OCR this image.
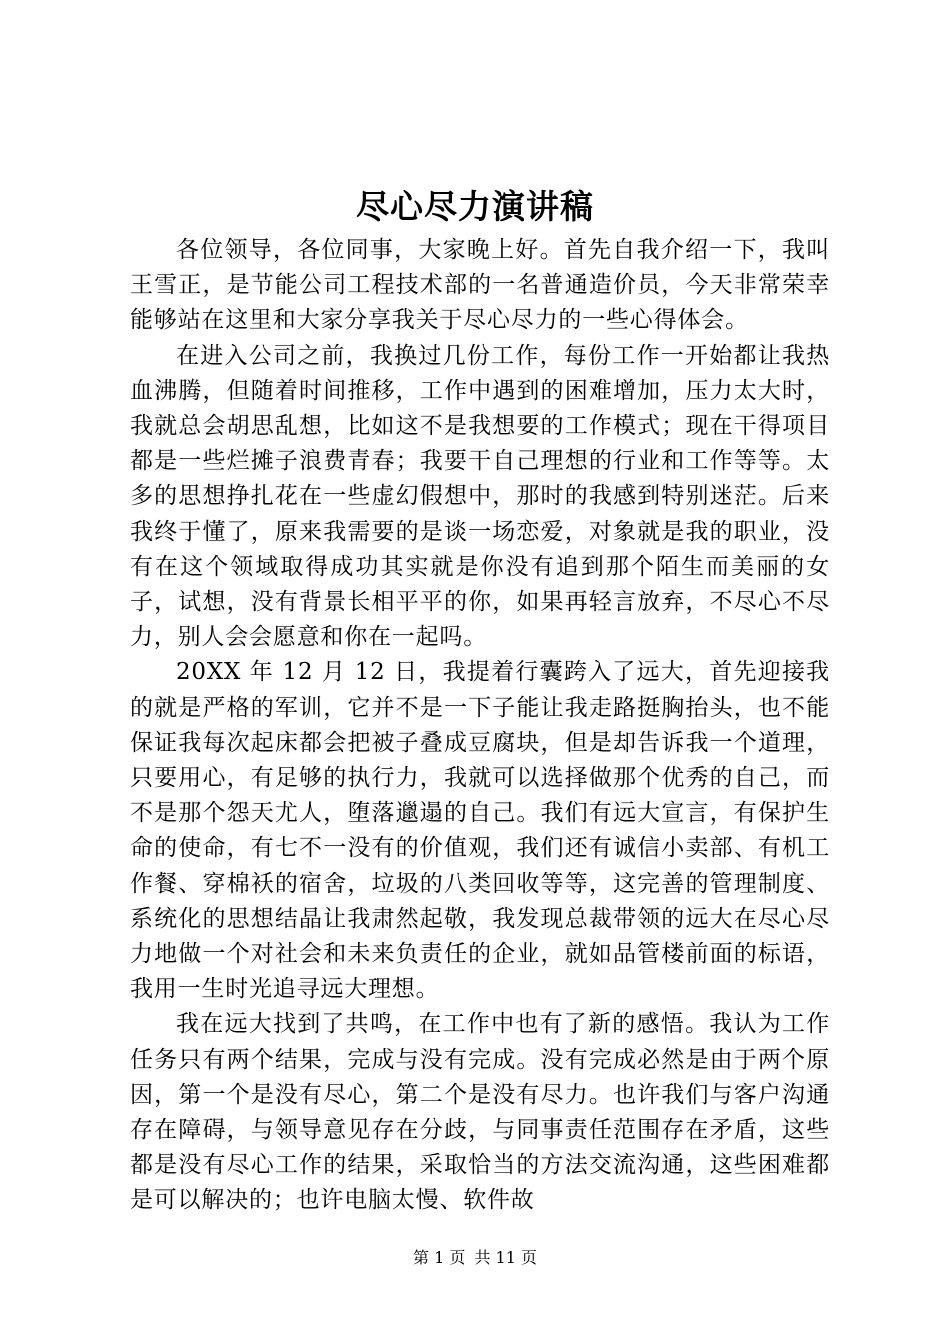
尽心尽力演讲稿

各位领导，各位同事，大家晚上好。首先自我介绍一下，我叫王雪正，是节能公司工程技术部的一名普通造价员，今天非常荣幸能够站在这里和大家分享我关于尽心尽力的一些心得体会。

在进入公司之前，我换过几份工作，每份工作一开始都让我热血沸腾，但随着时间推移，工作中遇到的困难增加，压力太大时，我就总会胡思乱想，比如这不是我想要的工作模式；现在干得项目都是一些烂摊子浪费青春；我要干自己理想的行业和工作等等。太多的思想挣扎花在一些虚幻假想中，那时的我感到特别迷茫。后来我终于懂了，原来我需要的是谈一场恋爱，对象就是我的职业，没有在这个领域取得成功其实就是你没有追到那个陌生而美丽的女子，试想，没有背景长相平平的你，如果再轻言放弃，不尽心不尽力，别人会会愿意和你在一起吗。

20XX 年 12 月 12 日，我提着行囊跨入了远大，首先迎接我的就是严格的军训，它并不是一下子能让我走路挺胸抬头，也不能保证我每次起床都会把被子叠成豆腐块，但是却告诉我一个道理，只要用心，有足够的执行力，我就可以选择做那个优秀的自己，而不是那个怨天尤人，堕落邋遢的自己。我们有远大宣言，有保护生命的使命，有七不一没有的价值观，我们还有诚信小卖部、有机工作餐、穿棉袄的宿舍，垃圾的八类回收等等，这完善的管理制度、系统化的思想结晶让我肃然起敬，我发现总裁带领的远大在尽心尽力地做一个对社会和未来负责任的企业，就如品管楼前面的标语，我用一生时光追寻远大理想。

我在远大找到了共鸣，在工作中也有了新的感悟。我认为工作任务只有两个结果，完成与没有完成。没有完成必然是由于两个原因，第一个是没有尽心，第二个是没有尽力。也许我们与客户沟通存在障碍，与领导意见存在分歧，与同事责任范围存在矛盾，这些都是没有尽心工作的结果，采取恰当的方法交流沟通，这些困难都是可以解决的；也许电脑太慢、软件故

第 1 页 共 11 页
